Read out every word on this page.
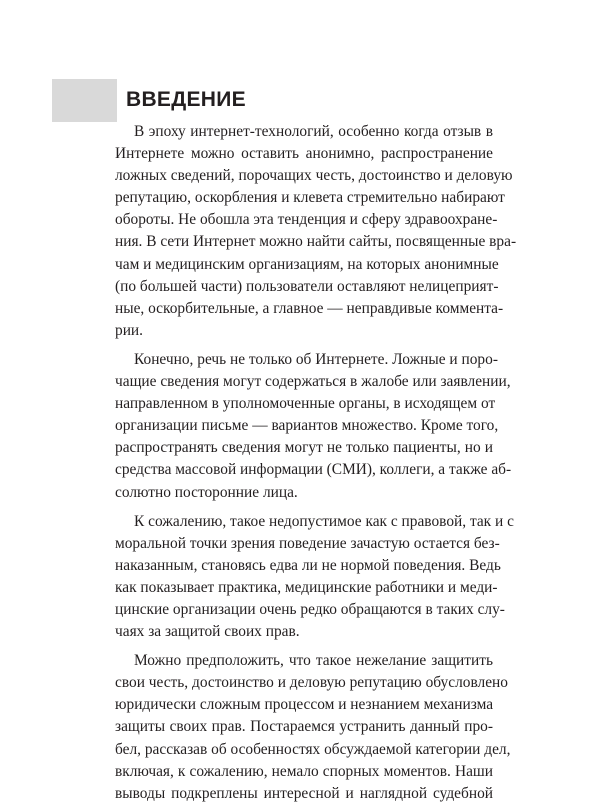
ВВЕДЕНИЕ
В эпоху интернет-технологий, особенно когда отзыв в
Интернете можно оставить анонимно, распространение
ложных сведений, порочащих честь, достоинство и деловую
репутацию, оскорбления и клевета стремительно набирают
обороты. Не обошла эта тенденция и сферу здравоохране-
ния. В сети Интернет можно найти сайты, посвященные вра-
чам и медицинским организациям, на которых анонимные
(по большей части) пользователи оставляют нелицеприят-
ные, оскорбительные, а главное — неправдивые коммента-
рии.
Конечно, речь не только об Интернете. Ложные и поро-
чащие сведения могут содержаться в жалобе или заявлении,
направленном в уполномоченные органы, в исходящем от
организации письме — вариантов множество. Кроме того,
распространять сведения могут не только пациенты, но и
средства массовой информации (СМИ), коллеги, а также аб-
солютно посторонние лица.
К сожалению, такое недопустимое как с правовой, так и с
моральной точки зрения поведение зачастую остается без-
наказанным, становясь едва ли не нормой поведения. Ведь
как показывает практика, медицинские работники и меди-
цинские организации очень редко обращаются в таких слу-
чаях за защитой своих прав.
Можно предположить, что такое нежелание защитить
свои честь, достоинство и деловую репутацию обусловлено
юридически сложным процессом и незнанием механизма
защиты своих прав. Постараемся устранить данный про-
бел, рассказав об особенностях обсуждаемой категории дел,
включая, к сожалению, немало спорных моментов. Наши
выводы подкреплены интересной и наглядной судебной
